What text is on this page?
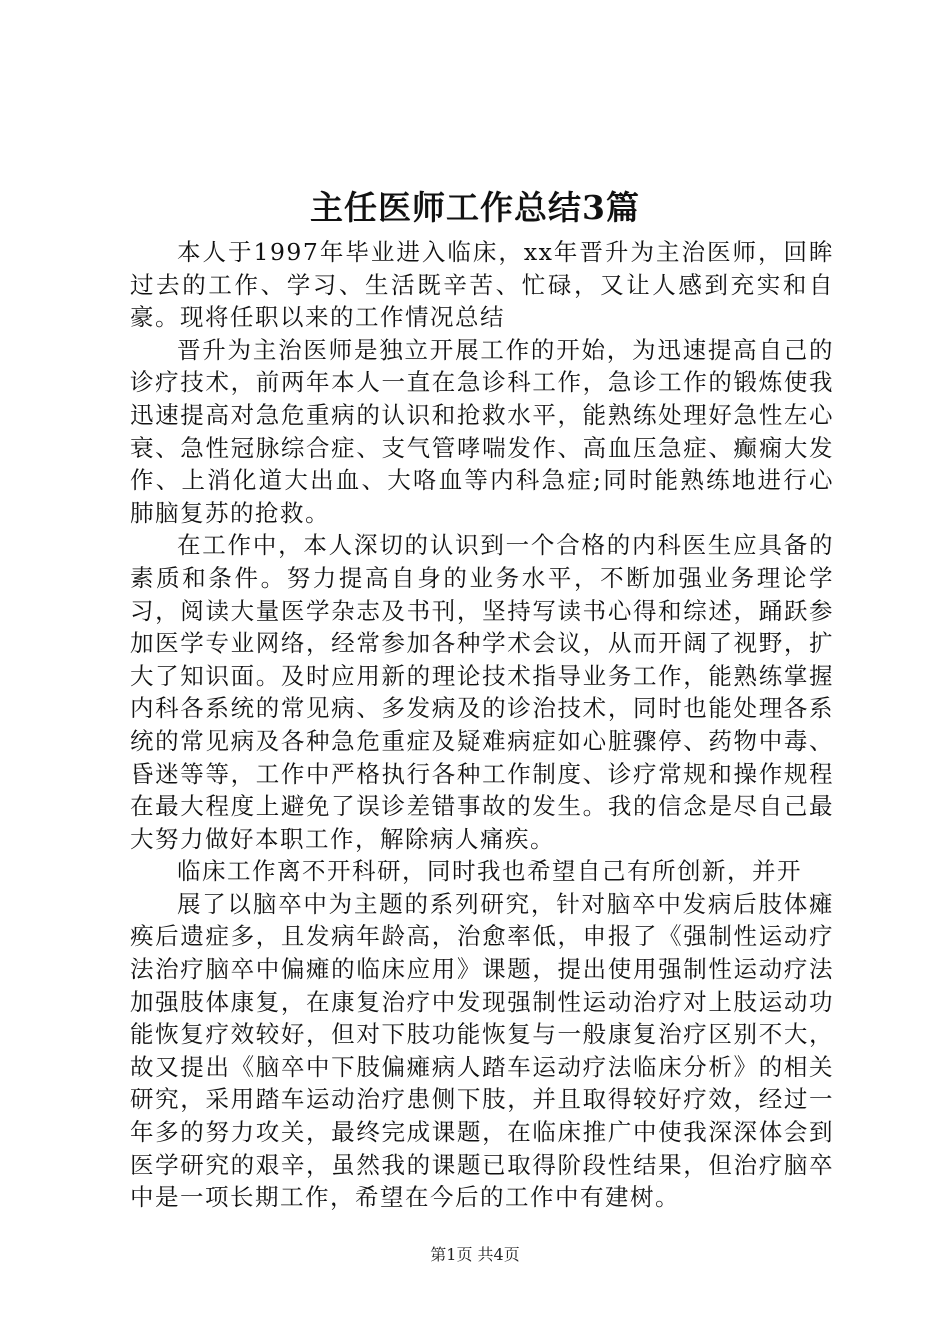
主任医师工作总结3篇

本人于1997年毕业进入临床，xx年晋升为主治医师，回眸过去的工作、学习、生活既辛苦、忙碌，又让人感到充实和自豪。现将任职以来的工作情况总结

晋升为主治医师是独立开展工作的开始，为迅速提高自己的诊疗技术，前两年本人一直在急诊科工作，急诊工作的锻炼使我迅速提高对急危重病的认识和抢救水平，能熟练处理好急性左心衰、急性冠脉综合症、支气管哮喘发作、高血压急症、癫痫大发作、上消化道大出血、大咯血等内科急症;同时能熟练地进行心肺脑复苏的抢救。

在工作中，本人深切的认识到一个合格的内科医生应具备的素质和条件。努力提高自身的业务水平，不断加强业务理论学习，阅读大量医学杂志及书刊，坚持写读书心得和综述，踊跃参加医学专业网络，经常参加各种学术会议，从而开阔了视野，扩大了知识面。及时应用新的理论技术指导业务工作，能熟练掌握内科各系统的常见病、多发病及的诊治技术，同时也能处理各系统的常见病及各种急危重症及疑难病症如心脏骤停、药物中毒、昏迷等等，工作中严格执行各种工作制度、诊疗常规和操作规程在最大程度上避免了误诊差错事故的发生。我的信念是尽自己最大努力做好本职工作，解除病人痛疾。

临床工作离不开科研，同时我也希望自己有所创新，并开

展了以脑卒中为主题的系列研究，针对脑卒中发病后肢体瘫痪后遗症多，且发病年龄高，治愈率低，申报了《强制性运动疗法治疗脑卒中偏瘫的临床应用》课题，提出使用强制性运动疗法加强肢体康复，在康复治疗中发现强制性运动治疗对上肢运动功能恢复疗效较好，但对下肢功能恢复与一般康复治疗区别不大，故又提出《脑卒中下肢偏瘫病人踏车运动疗法临床分析》的相关研究，采用踏车运动治疗患侧下肢，并且取得较好疗效，经过一年多的努力攻关，最终完成课题，在临床推广中使我深深体会到医学研究的艰辛，虽然我的课题已取得阶段性结果，但治疗脑卒中是一项长期工作，希望在今后的工作中有建树。

第1页 共4页
